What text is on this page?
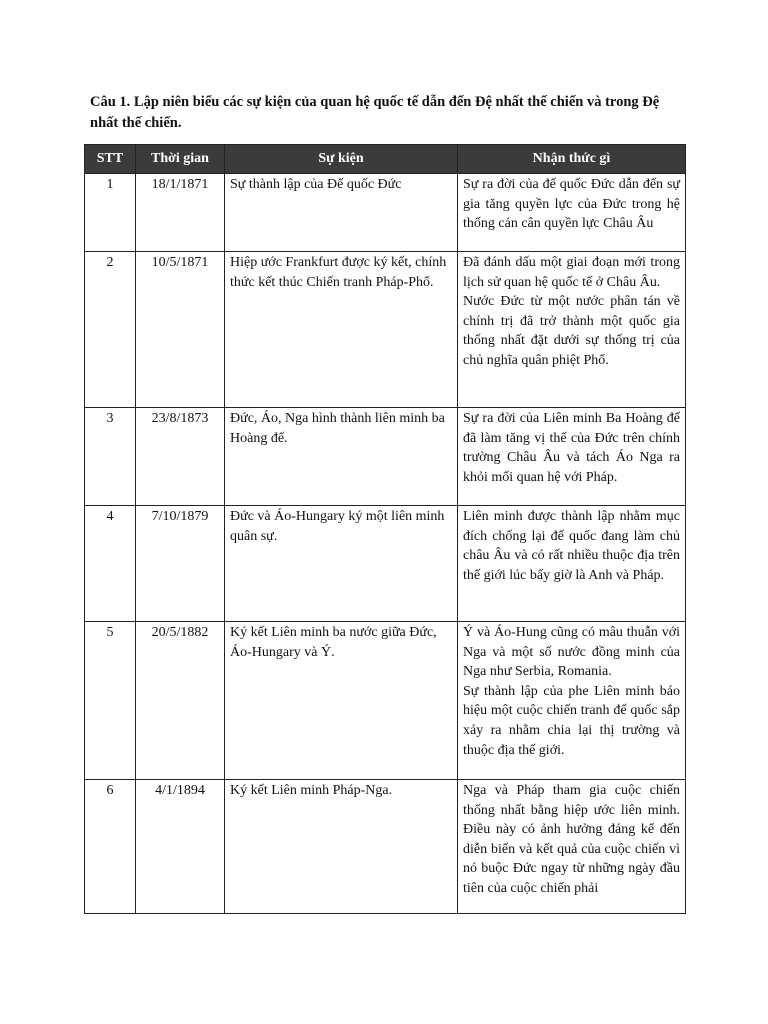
Câu 1. Lập niên biểu các sự kiện của quan hệ quốc tế dẫn đến Đệ nhất thế chiến và trong Đệ nhất thế chiến.
STT	Thời gian	Sự kiện	Nhận thức gì
1	18/1/1871	Sự thành lập của Đế quốc Đức	Sự ra đời của đế quốc Đức dẫn đến sự gia tăng quyền lực của Đức trong hệ thống cán cân quyền lực Châu Âu

2	10/5/1871	Hiệp ước Frankfurt được ký kết, chính thức kết thúc Chiến tranh Pháp-Phổ.	Đã đánh dấu một giai đoạn mới trong lịch sử quan hệ quốc tế ở Châu Âu.
Nước Đức từ một nước phân tán về chính trị đã trở thành một quốc gia thống nhất đặt dưới sự thống trị của chủ nghĩa quân phiệt Phổ.

3	23/8/1873	Đức, Áo, Nga hình thành liên minh ba Hoàng đế.	Sự ra đời của Liên minh Ba Hoàng đế đã làm tăng vị thế của Đức trên chính trường Châu Âu và tách Áo Nga ra khỏi mối quan hệ với Pháp.

4	7/10/1879	Đức và Áo-Hungary ký một liên minh quân sự.	Liên minh được thành lập nhằm mục đích chống lại đế quốc đang làm chủ châu Âu và có rất nhiều thuộc địa trên thế giới lúc bấy giờ là Anh và Pháp.

5	20/5/1882	Ký kết Liên minh ba nước giữa Đức, Áo-Hungary và Ý.	Ý và Áo-Hung cũng có mâu thuẫn với Nga và một số nước đồng minh của Nga như Serbia, Romania.
Sự thành lập của phe Liên minh báo hiệu một cuộc chiến tranh đế quốc sắp xảy ra nhằm chia lại thị trường và thuộc địa thế giới.

6	4/1/1894	Ký kết Liên minh Pháp-Nga.	Nga và Pháp tham gia cuộc chiến thống nhất bằng hiệp ước liên minh. Điều này có ảnh hưởng đáng kể đến diễn biến và kết quả của cuộc chiến vì nó buộc Đức ngay từ những ngày đầu tiên của cuộc chiến phải
